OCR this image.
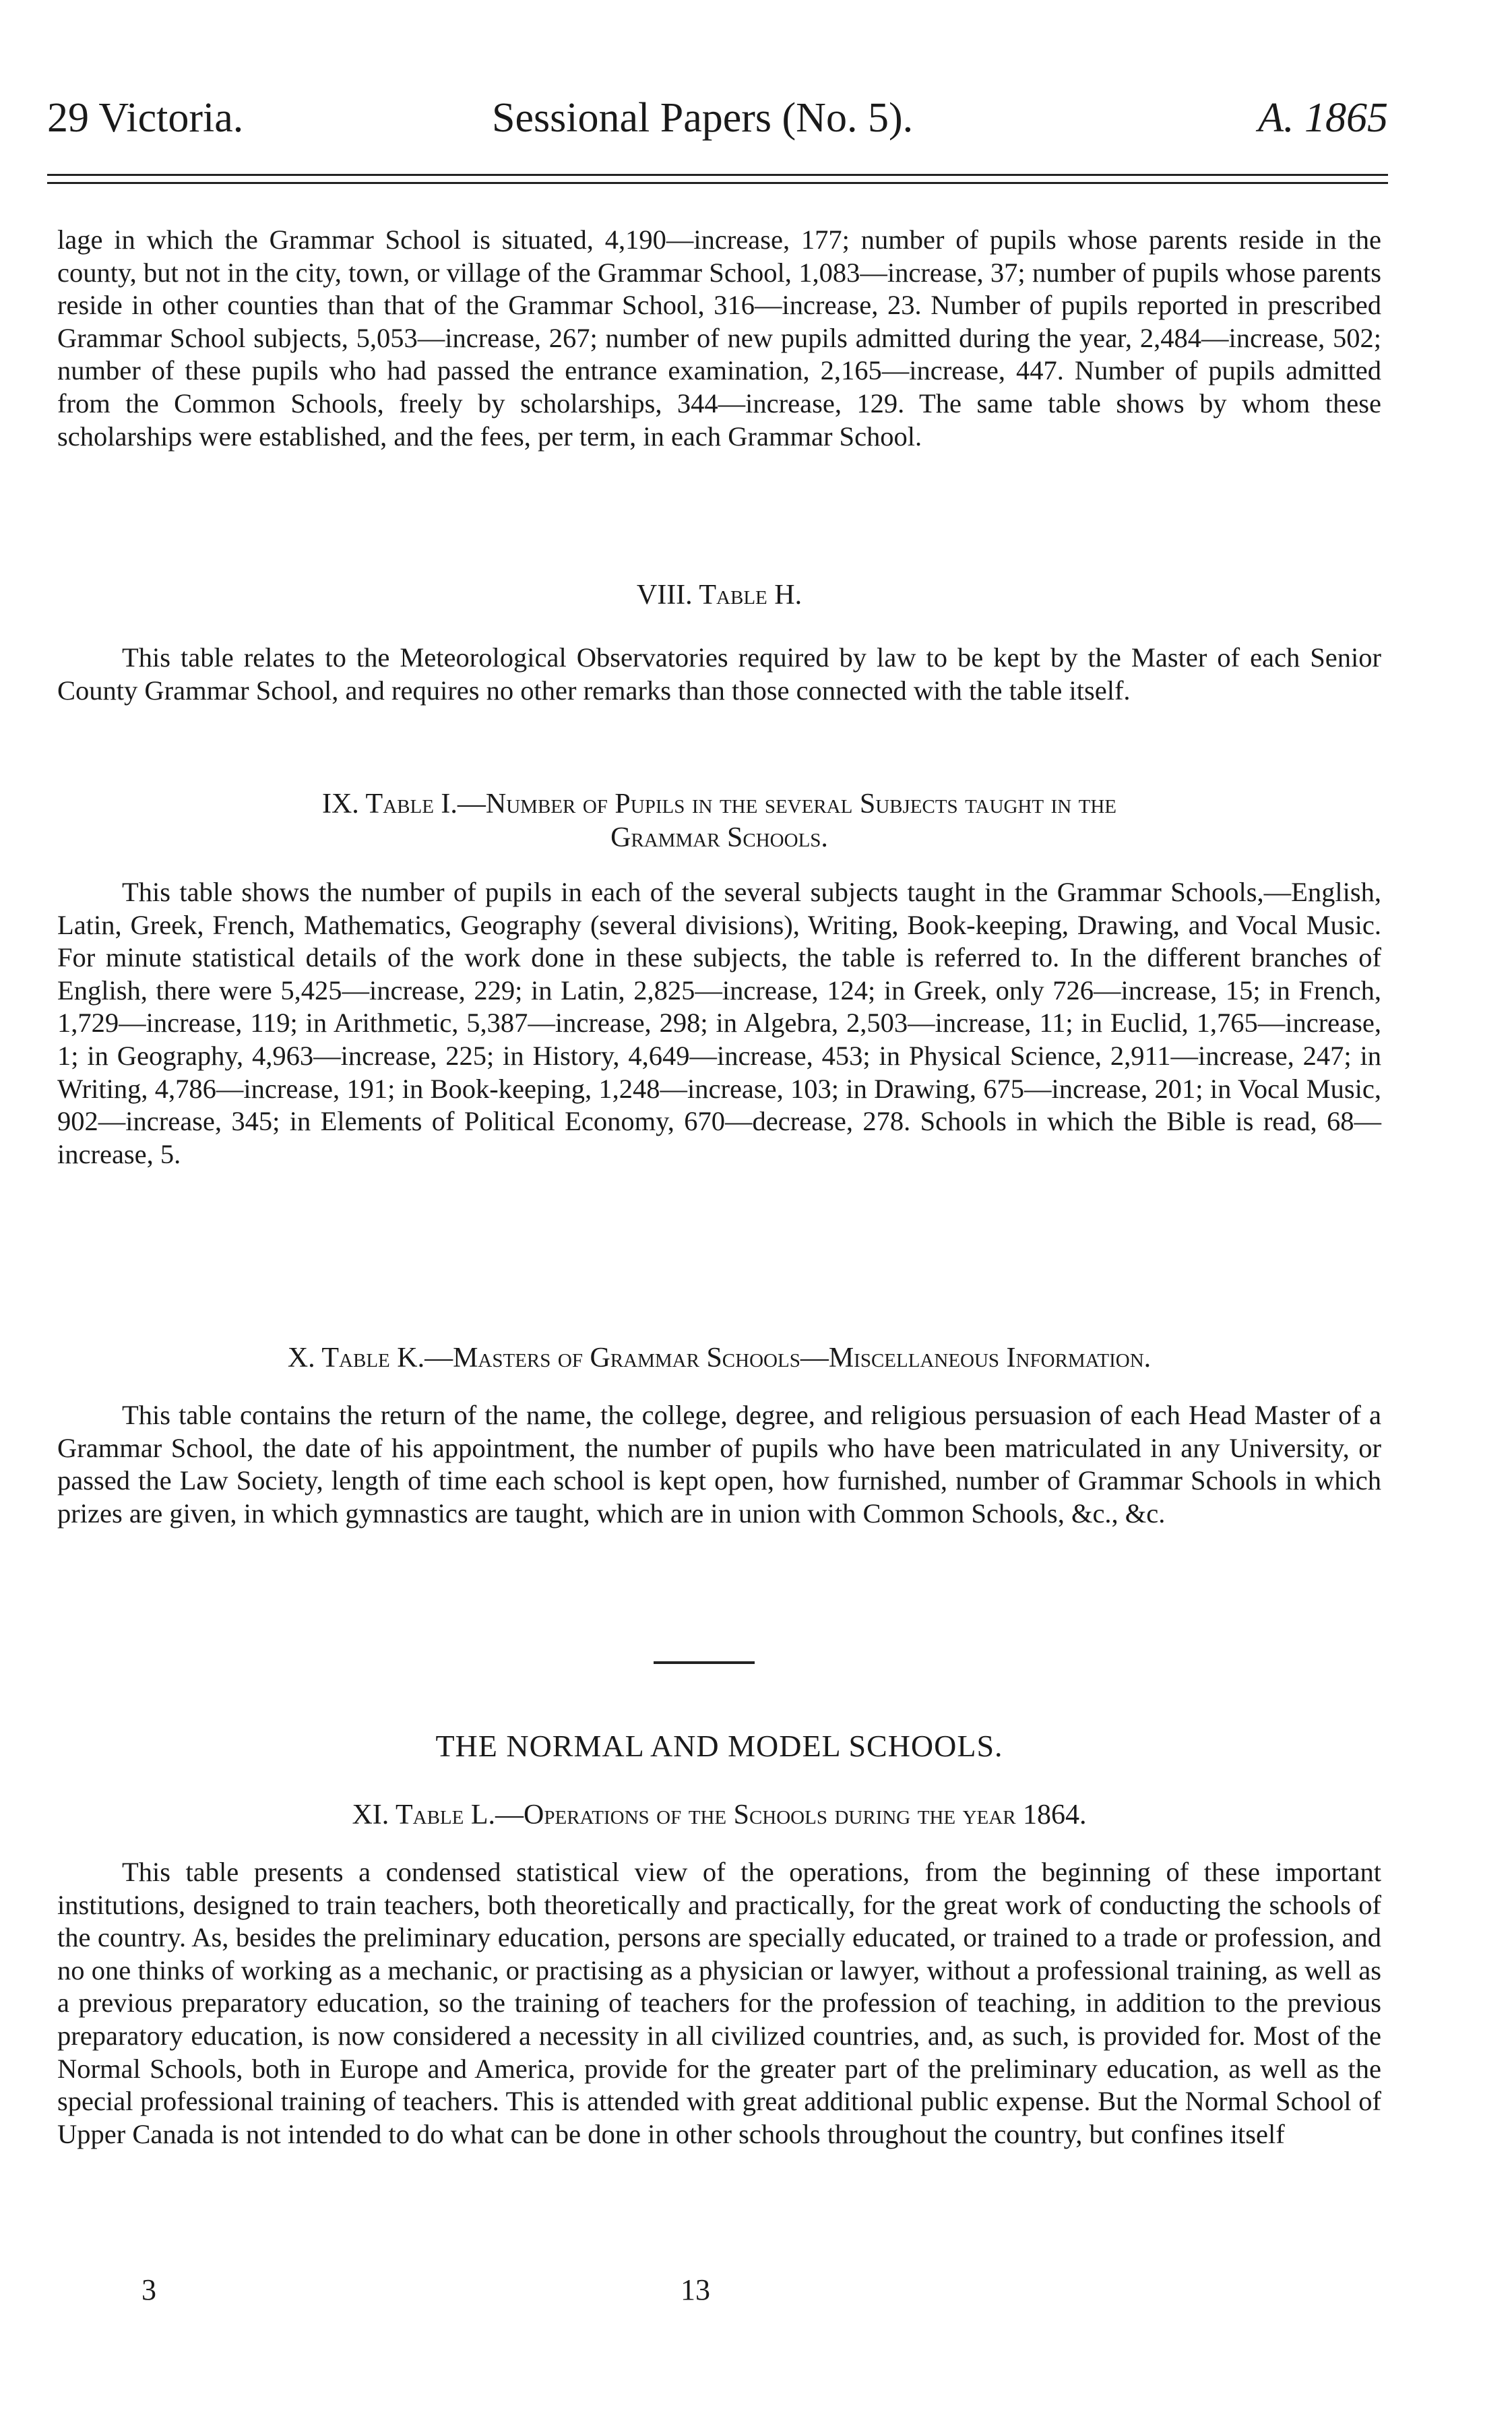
29 Victoria.	Sessional Papers (No. 5).	A. 1865

lage in which the Grammar School is situated, 4,190—increase, 177; number of pupils whose parents reside in the county, but not in the city, town, or village of the Grammar School, 1,083—increase, 37; number of pupils whose parents reside in other counties than that of the Grammar School, 316—increase, 23. Number of pupils reported in prescribed Grammar School subjects, 5,053—increase, 267; number of new pupils admitted during the year, 2,484—increase, 502; number of these pupils who had passed the entrance examination, 2,165—increase, 447. Number of pupils admitted from the Common Schools, freely by scholarships, 344—increase, 129. The same table shows by whom these scholarships were established, and the fees, per term, in each Grammar School.

VIII. Table H.

This table relates to the Meteorological Observatories required by law to be kept by the Master of each Senior County Grammar School, and requires no other remarks than those connected with the table itself.

IX. Table I.—Number of Pupils in the several Subjects taught in the
Grammar Schools.

This table shows the number of pupils in each of the several subjects taught in the Grammar Schools,—English, Latin, Greek, French, Mathematics, Geography (several divisions), Writing, Book-keeping, Drawing, and Vocal Music. For minute statistical details of the work done in these subjects, the table is referred to. In the different branches of English, there were 5,425—increase, 229; in Latin, 2,825—increase, 124; in Greek, only 726—increase, 15; in French, 1,729—increase, 119; in Arithmetic, 5,387—increase, 298; in Algebra, 2,503—increase, 11; in Euclid, 1,765—increase, 1; in Geography, 4,963—increase, 225; in History, 4,649—increase, 453; in Physical Science, 2,911—increase, 247; in Writing, 4,786—increase, 191; in Book-keeping, 1,248—increase, 103; in Drawing, 675—increase, 201; in Vocal Music, 902—increase, 345; in Elements of Political Economy, 670—decrease, 278. Schools in which the Bible is read, 68—increase, 5.

X. Table K.—Masters of Grammar Schools—Miscellaneous Information.

This table contains the return of the name, the college, degree, and religious persuasion of each Head Master of a Grammar School, the date of his appointment, the number of pupils who have been matriculated in any University, or passed the Law Society, length of time each school is kept open, how furnished, number of Grammar Schools in which prizes are given, in which gymnastics are taught, which are in union with Common Schools, &c., &c.

THE NORMAL AND MODEL SCHOOLS.

XI. Table L.—Operations of the Schools during the year 1864.

This table presents a condensed statistical view of the operations, from the beginning of these important institutions, designed to train teachers, both theoretically and practically, for the great work of conducting the schools of the country. As, besides the preliminary education, persons are specially educated, or trained to a trade or profession, and no one thinks of working as a mechanic, or practising as a physician or lawyer, without a professional training, as well as a previous preparatory education, so the training of teachers for the profession of teaching, in addition to the previous preparatory education, is now considered a necessity in all civilized countries, and, as such, is provided for. Most of the Normal Schools, both in Europe and America, provide for the greater part of the preliminary education, as well as the special professional training of teachers. This is attended with great additional public expense. But the Normal School of Upper Canada is not intended to do what can be done in other schools throughout the country, but confines itself

3	13
